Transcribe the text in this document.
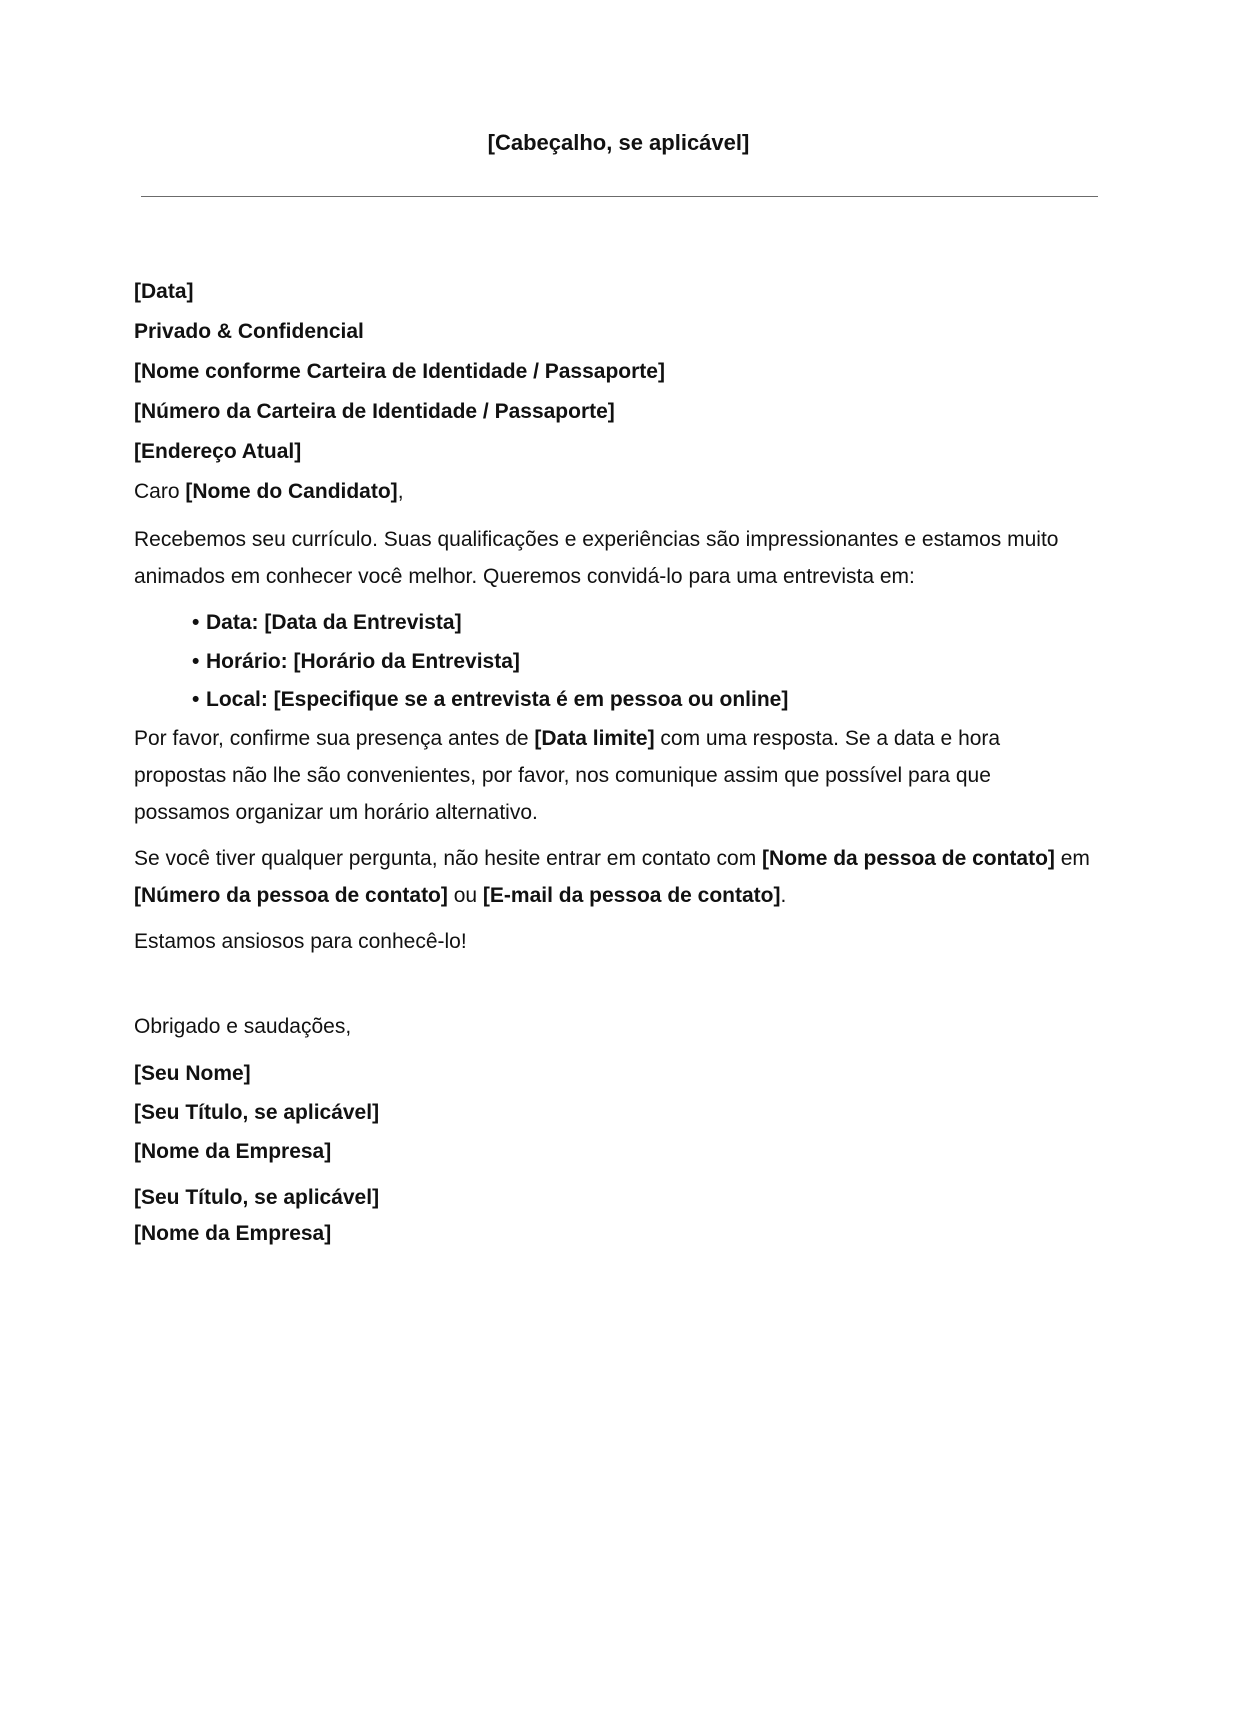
[Cabeçalho, se aplicável]

[Data]

Privado & Confidencial

[Nome conforme Carteira de Identidade / Passaporte]

[Número da Carteira de Identidade / Passaporte]

[Endereço Atual]

Caro [Nome do Candidato],

Recebemos seu currículo. Suas qualificações e experiências são impressionantes e estamos muito animados em conhecer você melhor. Queremos convidá-lo para uma entrevista em:

• Data: [Data da Entrevista]
• Horário: [Horário da Entrevista]
• Local: [Especifique se a entrevista é em pessoa ou online]

Por favor, confirme sua presença antes de [Data limite] com uma resposta. Se a data e hora propostas não lhe são convenientes, por favor, nos comunique assim que possível para que possamos organizar um horário alternativo.

Se você tiver qualquer pergunta, não hesite entrar em contato com [Nome da pessoa de contato] em [Número da pessoa de contato] ou [E-mail da pessoa de contato].

Estamos ansiosos para conhecê-lo!

Obrigado e saudações,

[Seu Nome]

[Seu Título, se aplicável]

[Nome da Empresa]

[Seu Título, se aplicável]

[Nome da Empresa]
